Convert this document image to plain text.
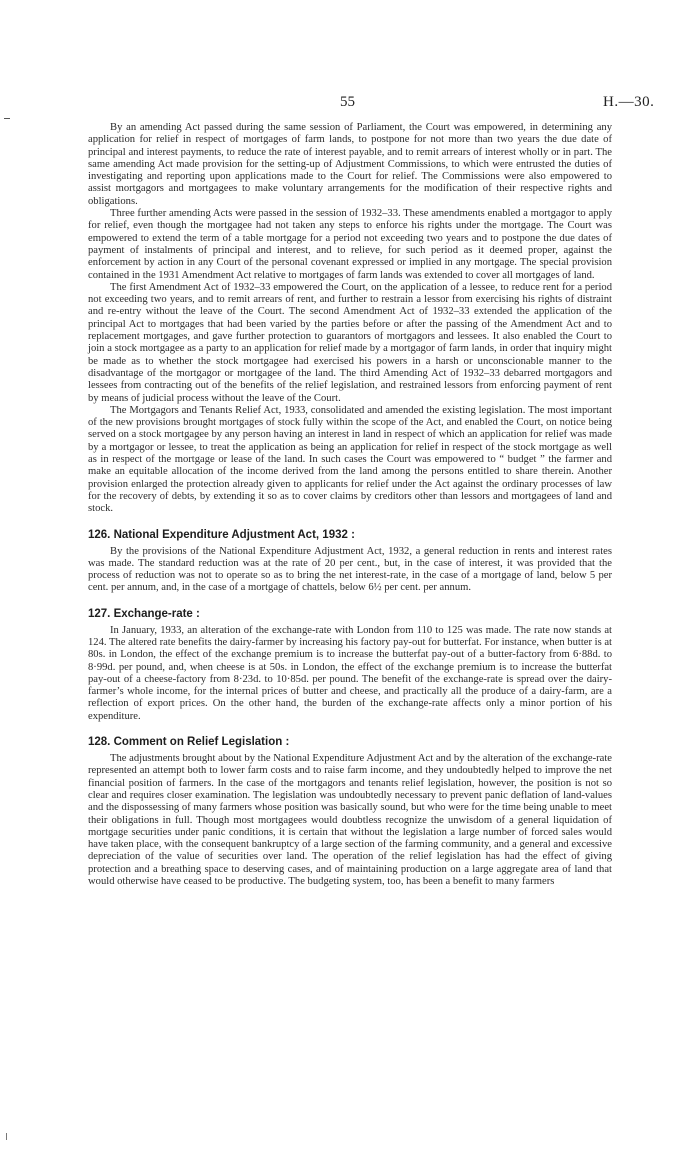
55	H.—30.

By an amending Act passed during the same session of Parliament, the Court was empowered, in determining any application for relief in respect of mortgages of farm lands, to postpone for not more than two years the due date of principal and interest payments, to reduce the rate of interest payable, and to remit arrears of interest wholly or in part. The same amending Act made provision for the setting-up of Adjustment Commissions, to which were entrusted the duties of investigating and reporting upon applications made to the Court for relief. The Commissions were also empowered to assist mortgagors and mortgagees to make voluntary arrangements for the modification of their respective rights and obligations.

Three further amending Acts were passed in the session of 1932–33. These amendments enabled a mortgagor to apply for relief, even though the mortgagee had not taken any steps to enforce his rights under the mortgage. The Court was empowered to extend the term of a table mortgage for a period not exceeding two years and to postpone the due dates of payment of instalments of principal and interest, and to relieve, for such period as it deemed proper, against the enforcement by action in any Court of the personal covenant expressed or implied in any mortgage. The special provision contained in the 1931 Amendment Act relative to mortgages of farm lands was extended to cover all mortgages of land.

The first Amendment Act of 1932–33 empowered the Court, on the application of a lessee, to reduce rent for a period not exceeding two years, and to remit arrears of rent, and further to restrain a lessor from exercising his rights of distraint and re-entry without the leave of the Court. The second Amendment Act of 1932–33 extended the application of the principal Act to mortgages that had been varied by the parties before or after the passing of the Amendment Act and to replacement mortgages, and gave further protection to guarantors of mortgagors and lessees. It also enabled the Court to join a stock mortgagee as a party to an application for relief made by a mortgagor of farm lands, in order that inquiry might be made as to whether the stock mortgagee had exercised his powers in a harsh or unconscionable manner to the disadvantage of the mortgagor or mortgagee of the land. The third Amending Act of 1932–33 debarred mortgagors and lessees from contracting out of the benefits of the relief legislation, and restrained lessors from enforcing payment of rent by means of judicial process without the leave of the Court.

The Mortgagors and Tenants Relief Act, 1933, consolidated and amended the existing legislation. The most important of the new provisions brought mortgages of stock fully within the scope of the Act, and enabled the Court, on notice being served on a stock mortgagee by any person having an interest in land in respect of which an application for relief was made by a mortgagor or lessee, to treat the application as being an application for relief in respect of the stock mortgage as well as in respect of the mortgage or lease of the land. In such cases the Court was empowered to “ budget ” the farmer and make an equitable allocation of the income derived from the land among the persons entitled to share therein. Another provision enlarged the protection already given to applicants for relief under the Act against the ordinary processes of law for the recovery of debts, by extending it so as to cover claims by creditors other than lessors and mortgagees of land and stock.

126. National Expenditure Adjustment Act, 1932 :

By the provisions of the National Expenditure Adjustment Act, 1932, a general reduction in rents and interest rates was made. The standard reduction was at the rate of 20 per cent., but, in the case of interest, it was provided that the process of reduction was not to operate so as to bring the net interest-rate, in the case of a mortgage of land, below 5 per cent. per annum, and, in the case of a mortgage of chattels, below 6½ per cent. per annum.

127. Exchange-rate :

In January, 1933, an alteration of the exchange-rate with London from 110 to 125 was made. The rate now stands at 124. The altered rate benefits the dairy-farmer by increasing his factory pay-out for butterfat. For instance, when butter is at 80s. in London, the effect of the exchange premium is to increase the butterfat pay-out of a butter-factory from 6·88d. to 8·99d. per pound, and, when cheese is at 50s. in London, the effect of the exchange premium is to increase the butterfat pay-out of a cheese-factory from 8·23d. to 10·85d. per pound. The benefit of the exchange-rate is spread over the dairy-farmer’s whole income, for the internal prices of butter and cheese, and practically all the produce of a dairy-farm, are a reflection of export prices. On the other hand, the burden of the exchange-rate affects only a minor portion of his expenditure.

128. Comment on Relief Legislation :

The adjustments brought about by the National Expenditure Adjustment Act and by the alteration of the exchange-rate represented an attempt both to lower farm costs and to raise farm income, and they undoubtedly helped to improve the net financial position of farmers. In the case of the mortgagors and tenants relief legislation, however, the position is not so clear and requires closer examination. The legislation was undoubtedly necessary to prevent panic deflation of land-values and the dispossessing of many farmers whose position was basically sound, but who were for the time being unable to meet their obligations in full. Though most mortgagees would doubtless recognize the unwisdom of a general liquidation of mortgage securities under panic conditions, it is certain that without the legislation a large number of forced sales would have taken place, with the consequent bankruptcy of a large section of the farming community, and a general and excessive depreciation of the value of securities over land. The operation of the relief legislation has had the effect of giving protection and a breathing space to deserving cases, and of maintaining production on a large aggregate area of land that would otherwise have ceased to be productive. The budgeting system, too, has been a benefit to many farmers
